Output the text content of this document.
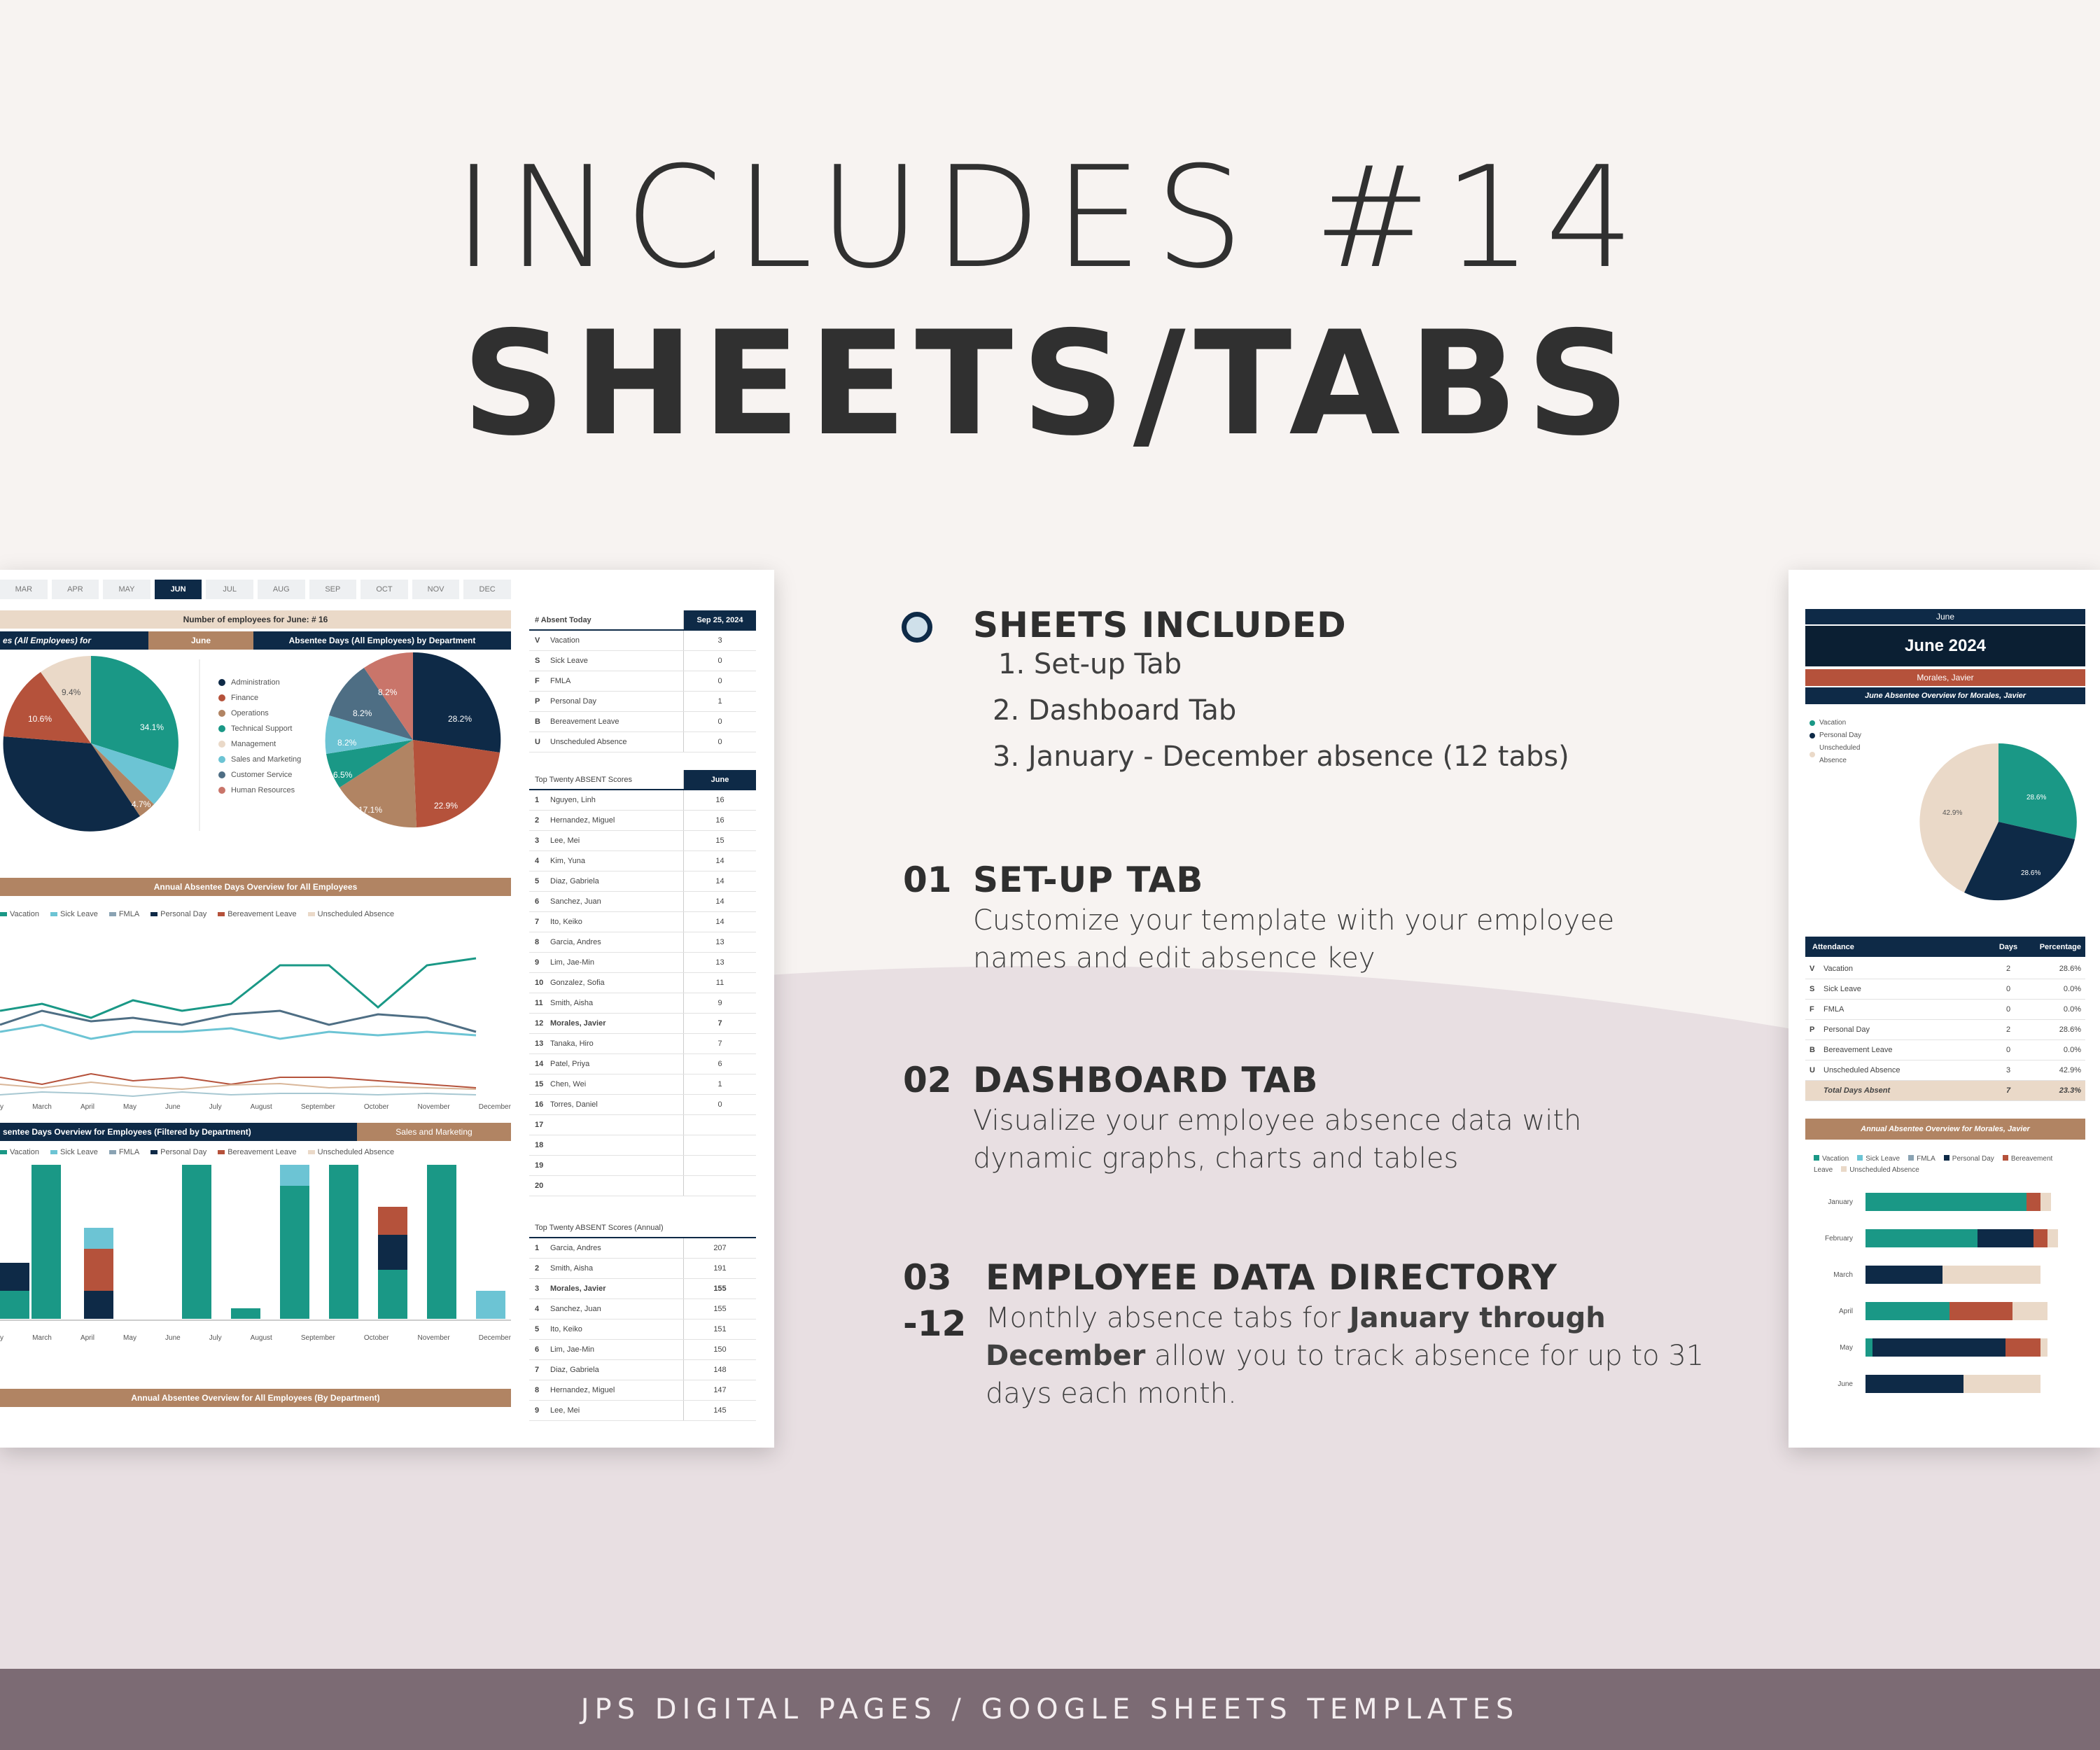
INCLUDES #14
SHEETS/TABS
MAR	APR	MAY	JUN	JUL	AUG	SEP	OCT	NOV	DEC
Number of employees for June: # 16
es (All Employees) for	June	Absentee Days (All Employees) by Department
34.1%
37.1%
10.6%
9.4%
4.7%
28.2%
22.9%
17.1%
6.5%
8.2%
8.2%
8.2%
Administration
Finance
Operations
Technical Support
Management
Sales and Marketing
Customer Service
Human Resources
Annual Absentee Days Overview for All Employees
Vacation	Sick Leave	FMLA	Personal Day	Bereavement Leave	Unscheduled Absence
y	March	April	May	June	July	August	September	October	November	December
sentee Days Overview for Employees (Filtered by Department)	Sales and Marketing
Vacation	Sick Leave	FMLA	Personal Day	Bereavement Leave	Unscheduled Absence
y	March	April	May	June	July	August	September	October	November	December
Annual Absentee Overview for All Employees (By Department)
# Absent Today	Sep 25, 2024
V	Vacation	3
S	Sick Leave	0
F	FMLA	0
P	Personal Day	1
B	Bereavement Leave	0
U	Unscheduled Absence	0
Top Twenty ABSENT Scores	June
1	Nguyen, Linh	16
2	Hernandez, Miguel	16
3	Lee, Mei	15
4	Kim, Yuna	14
5	Diaz, Gabriela	14
6	Sanchez, Juan	14
7	Ito, Keiko	14
8	Garcia, Andres	13
9	Lim, Jae-Min	13
10 Gonzalez, Sofia	11
11 Smith, Aisha	9
12 Morales, Javier	7
13 Tanaka, Hiro	7
14 Patel, Priya	6
15 Chen, Wei	1
16 Torres, Daniel	0
17
18
19
20
Top Twenty ABSENT Scores (Annual)
1	Garcia, Andres	207
2	Smith, Aisha	191
3	Morales, Javier	155
4	Sanchez, Juan	155
5	Ito, Keiko	151
6	Lim, Jae-Min	150
7	Diaz, Gabriela	148
8	Hernandez, Miguel	147
9	Lee, Mei	145
SHEETS INCLUDED
1. Set-up Tab
2. Dashboard Tab
3. January - December absence (12 tabs)
01 SET-UP TAB
Customize your template with your employee
names and edit absence key
02 DASHBOARD TAB
Visualize your employee absence data with
dynamic graphs, charts and tables
03
-12
EMPLOYEE DATA DIRECTORY
Monthly absence tabs for January through
December allow you to track absence for up to 31
days each month.
June
June 2024
Morales, Javier
June Absentee Overview for Morales, Javier
Vacation
Personal Day
Unscheduled Absence
28.6%
28.6%
42.9%
Attendance	Days	Percentage
V	Vacation	2	28.6%
S	Sick Leave	0	0.0%
F	FMLA	0	0.0%
P	Personal Day	2	28.6%
B	Bereavement Leave	0	0.0%
U	Unscheduled Absence	3	42.9%
Total Days Absent	7	23.3%
Annual Absentee Overview for Morales, Javier
Vacation Sick Leave FMLA Personal Day Bereavement Leave Unscheduled Absence
January
February
March
April
May
June
JPS DIGITAL PAGES / GOOGLE SHEETS TEMPLATES
